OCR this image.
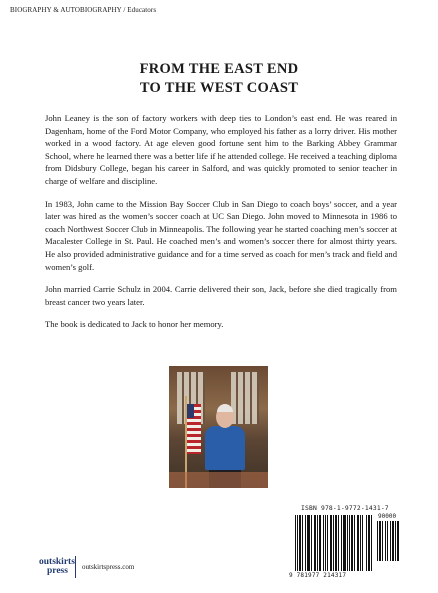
BIOGRAPHY & AUTOBIOGRAPHY / Educators
FROM THE EAST END
TO THE WEST COAST

John Leaney is the son of factory workers with deep ties to London’s east end. He was reared in Dagenham, home of the Ford Motor Company, who employed his father as a lorry driver. His mother worked in a wood factory. At age eleven good fortune sent him to the Barking Abbey Grammar School, where he learned there was a better life if he attended college. He received a teaching diploma from Didsbury College, began his career in Salford, and was quickly promoted to senior teacher in charge of welfare and discipline.

In 1983, John came to the Mission Bay Soccer Club in San Diego to coach boys’ soccer, and a year later was hired as the women’s soccer coach at UC San Diego. John moved to Minnesota in 1986 to coach Northwest Soccer Club in Minneapolis. The following year he started coaching men’s soccer at Macalester College in St. Paul. He coached men’s and women’s soccer there for almost thirty years. He also provided administrative guidance and for a time served as coach for men’s track and field and women’s golf.

John married Carrie Schulz in 2004. Carrie delivered their son, Jack, before she died tragically from breast cancer two years later.

The book is dedicated to Jack to honor her memory.

ISBN 978-1-9772-1431-7
90000
9 781977 214317
outskirts
press	outskirtspress.com
